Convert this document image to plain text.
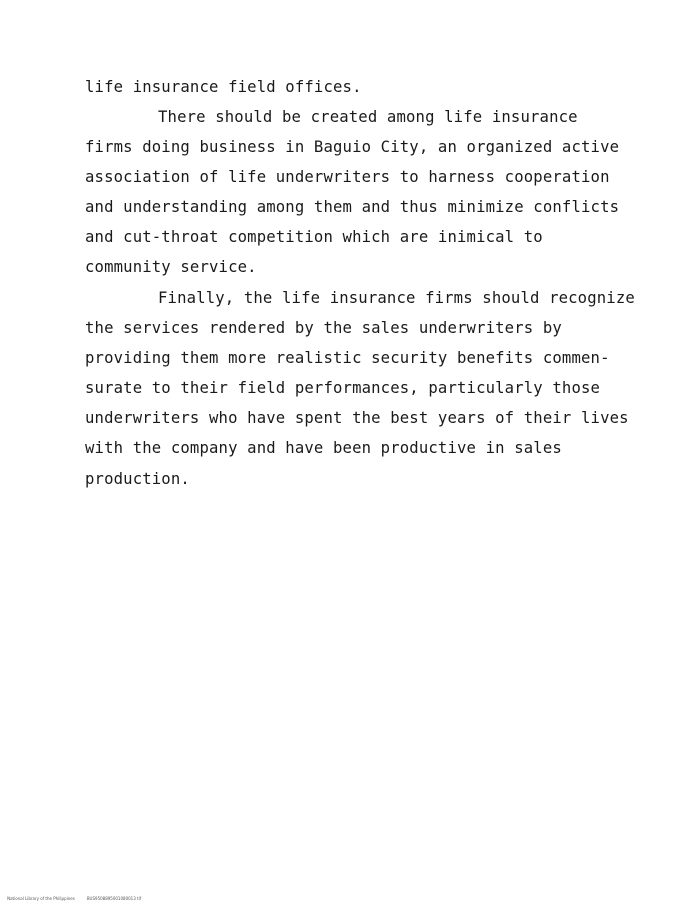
life insurance field offices.
There should be created among life insurance
firms doing business in Baguio City, an organized active
association of life underwriters to harness cooperation
and understanding among them and thus minimize conflicts
and cut-throat competition which are inimical to
community service.
Finally, the life insurance firms should recognize
the services rendered by the sales underwriters by
providing them more realistic security benefits commen-
surate to their field performances, particularly those
underwriters who have spent the best years of their lives
with the company and have been productive in sales
production.

National Library of the Philippines	BUS9508895001080013 tif
